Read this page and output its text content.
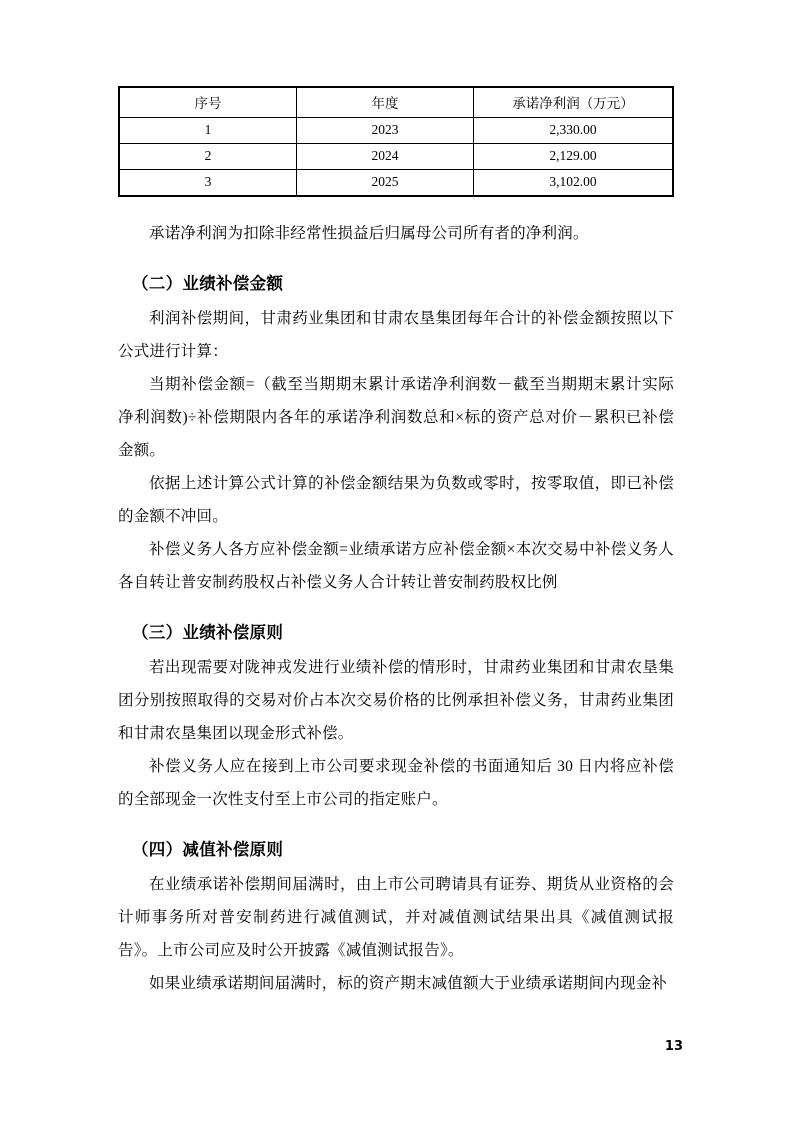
序号	年度	承诺净利润（万元）
1	2023	2,330.00
2	2024	2,129.00
3	2025	3,102.00

承诺净利润为扣除非经常性损益后归属母公司所有者的净利润。

（二）业绩补偿金额

利润补偿期间，甘肃药业集团和甘肃农垦集团每年合计的补偿金额按照以下公式进行计算：

当期补偿金额=（截至当期期末累计承诺净利润数－截至当期期末累计实际净利润数)÷补偿期限内各年的承诺净利润数总和×标的资产总对价－累积已补偿金额。

依据上述计算公式计算的补偿金额结果为负数或零时，按零取值，即已补偿的金额不冲回。

补偿义务人各方应补偿金额=业绩承诺方应补偿金额×本次交易中补偿义务人各自转让普安制药股权占补偿义务人合计转让普安制药股权比例

（三）业绩补偿原则

若出现需要对陇神戎发进行业绩补偿的情形时，甘肃药业集团和甘肃农垦集团分别按照取得的交易对价占本次交易价格的比例承担补偿义务，甘肃药业集团和甘肃农垦集团以现金形式补偿。

补偿义务人应在接到上市公司要求现金补偿的书面通知后 30 日内将应补偿的全部现金一次性支付至上市公司的指定账户。

（四）减值补偿原则

在业绩承诺补偿期间届满时，由上市公司聘请具有证券、期货从业资格的会计师事务所对普安制药进行减值测试，并对减值测试结果出具《减值测试报告》。上市公司应及时公开披露《减值测试报告》。

如果业绩承诺期间届满时，标的资产期末减值额大于业绩承诺期间内现金补

13
